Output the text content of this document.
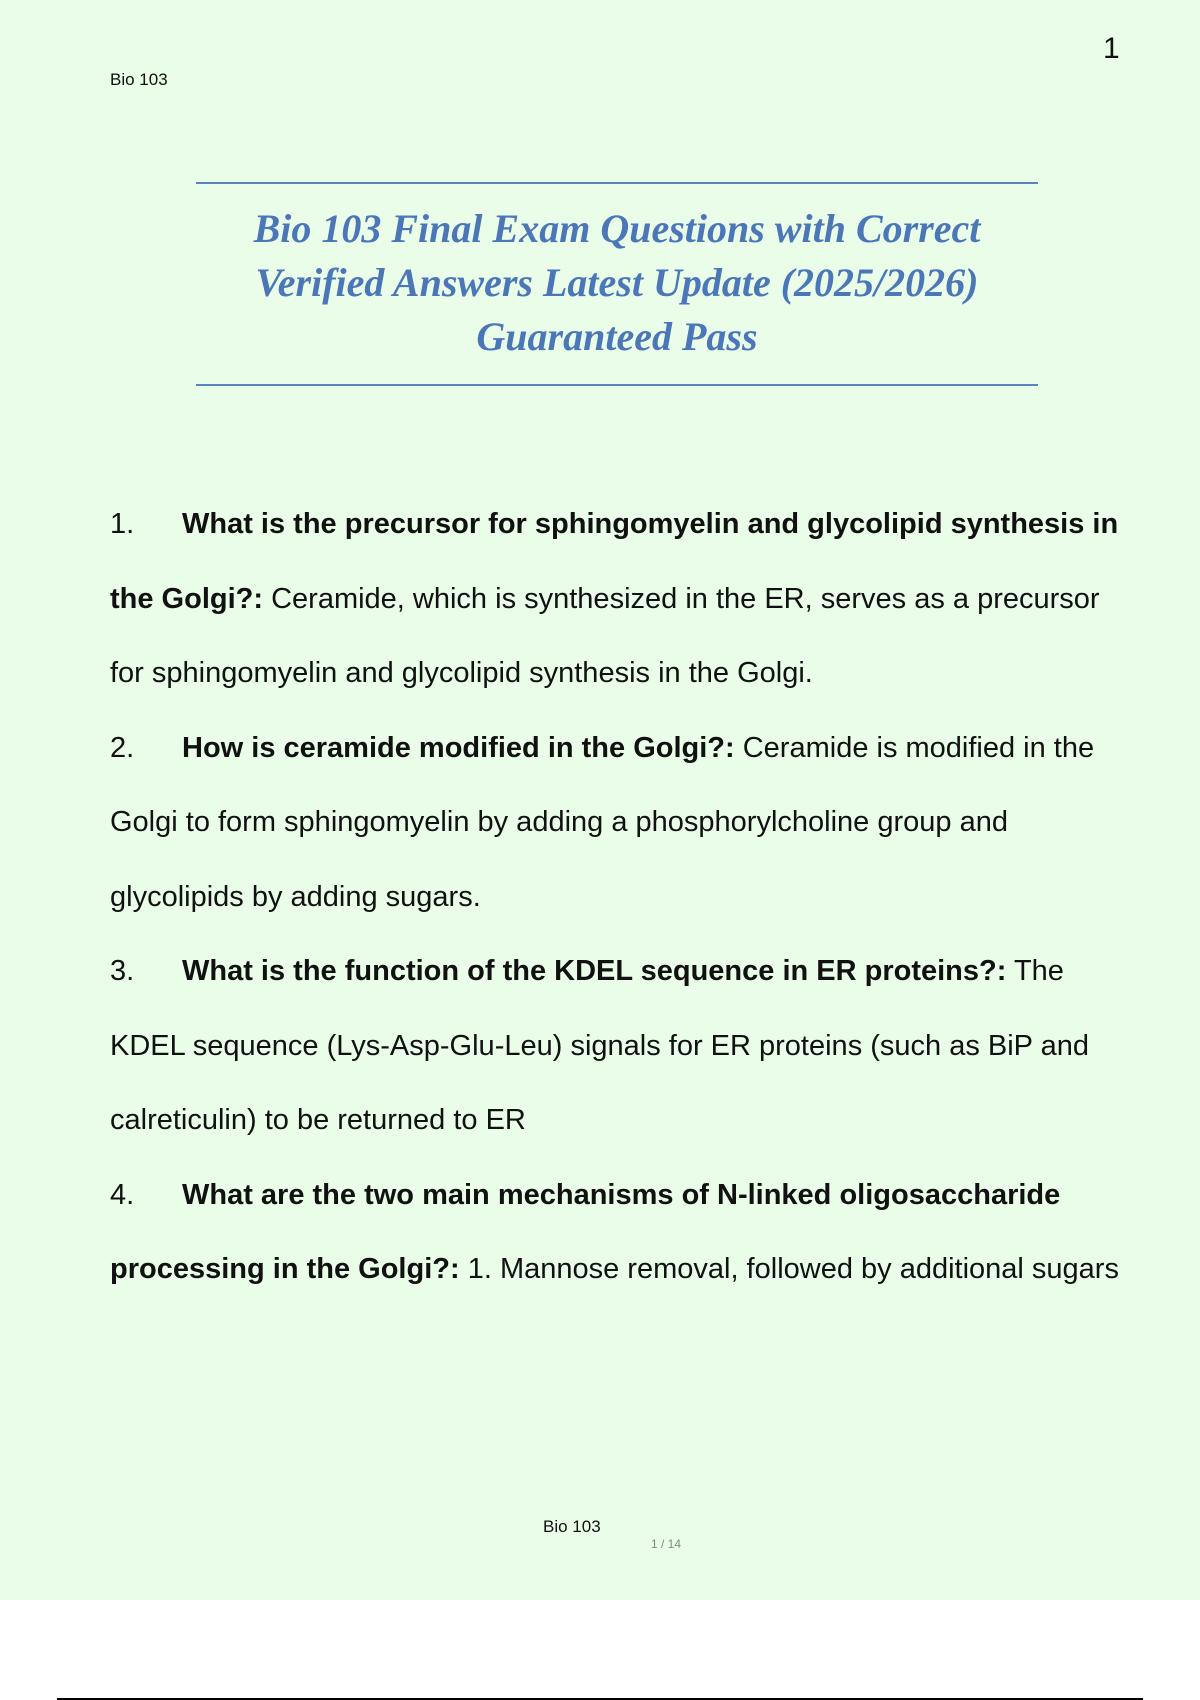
Bio 103
1
Bio 103 Final Exam Questions with Correct Verified Answers Latest Update (2025/2026) Guaranteed Pass
1. What is the precursor for sphingomyelin and glycolipid synthesis in the Golgi?: Ceramide, which is synthesized in the ER, serves as a precursor for sphingomyelin and glycolipid synthesis in the Golgi.
2. How is ceramide modified in the Golgi?: Ceramide is modified in the Golgi to form sphingomyelin by adding a phosphorylcholine group and glycolipids by adding sugars.
3. What is the function of the KDEL sequence in ER proteins?: The KDEL sequence (Lys-Asp-Glu-Leu) signals for ER proteins (such as BiP and calreticulin) to be returned to ER
4. What are the two main mechanisms of N-linked oligosaccharide processing in the Golgi?: 1. Mannose removal, followed by additional sugars
Bio 103
1 / 14
